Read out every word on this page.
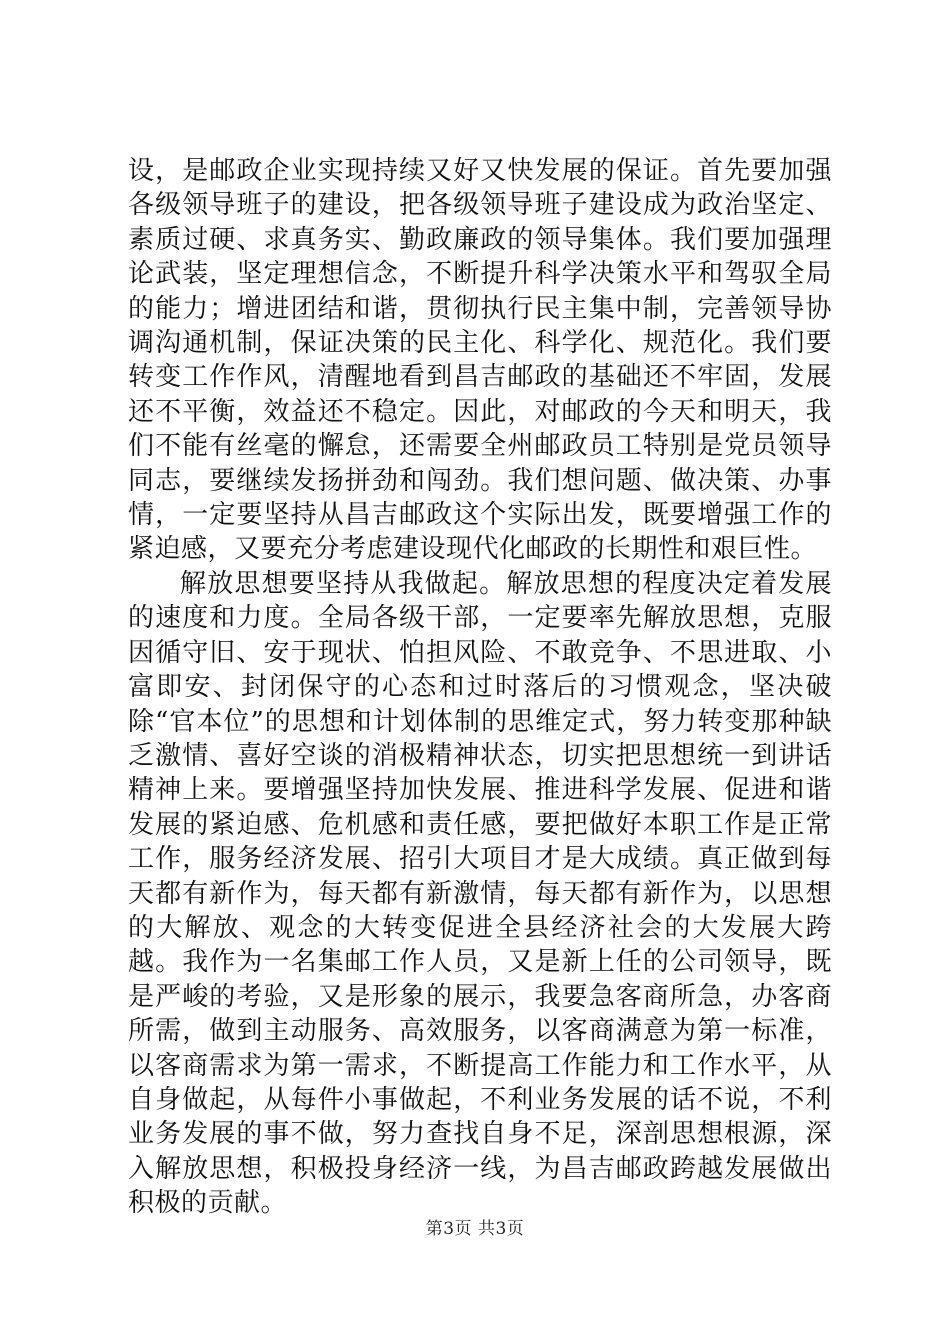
设，是邮政企业实现持续又好又快发展的保证。首先要加强各级领导班子的建设，把各级领导班子建设成为政治坚定、素质过硬、求真务实、勤政廉政的领导集体。我们要加强理论武装，坚定理想信念，不断提升科学决策水平和驾驭全局的能力；增进团结和谐，贯彻执行民主集中制，完善领导协调沟通机制，保证决策的民主化、科学化、规范化。我们要转变工作作风，清醒地看到昌吉邮政的基础还不牢固，发展还不平衡，效益还不稳定。因此，对邮政的今天和明天，我们不能有丝毫的懈怠，还需要全州邮政员工特别是党员领导同志，要继续发扬拼劲和闯劲。我们想问题、做决策、办事情，一定要坚持从昌吉邮政这个实际出发，既要增强工作的紧迫感，又要充分考虑建设现代化邮政的长期性和艰巨性。

解放思想要坚持从我做起。解放思想的程度决定着发展的速度和力度。全局各级干部，一定要率先解放思想，克服因循守旧、安于现状、怕担风险、不敢竞争、不思进取、小富即安、封闭保守的心态和过时落后的习惯观念，坚决破除“官本位”的思想和计划体制的思维定式，努力转变那种缺乏激情、喜好空谈的消极精神状态，切实把思想统一到讲话精神上来。要增强坚持加快发展、推进科学发展、促进和谐发展的紧迫感、危机感和责任感，要把做好本职工作是正常工作，服务经济发展、招引大项目才是大成绩。真正做到每天都有新作为，每天都有新激情，每天都有新作为，以思想的大解放、观念的大转变促进全县经济社会的大发展大跨越。我作为一名集邮工作人员，又是新上任的公司领导，既是严峻的考验，又是形象的展示，我要急客商所急，办客商所需，做到主动服务、高效服务，以客商满意为第一标准，以客商需求为第一需求，不断提高工作能力和工作水平，从自身做起，从每件小事做起，不利业务发展的话不说，不利业务发展的事不做，努力查找自身不足，深剖思想根源，深入解放思想，积极投身经济一线，为昌吉邮政跨越发展做出积极的贡献。

第3页 共3页
